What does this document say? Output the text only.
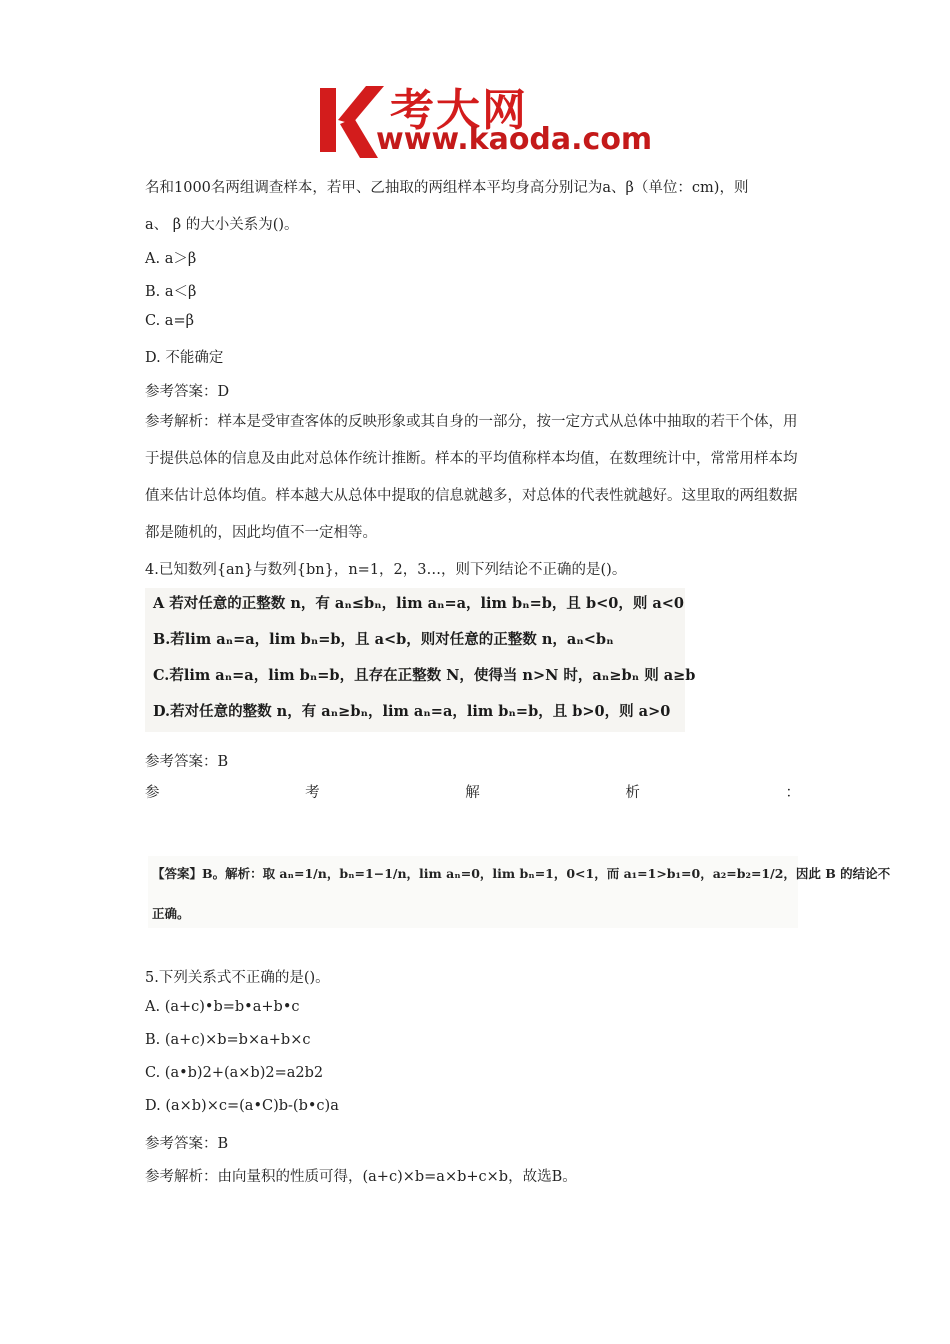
考大网
www.kaoda.com
名和1000名两组调查样本，若甲、乙抽取的两组样本平均身高分别记为a、β（单位：cm)，则
a、 β 的大小关系为()。
A. a＞β
B. a＜β
C. a=β
D. 不能确定
参考答案：D
参考解析：样本是受审查客体的反映形象或其自身的一部分，按一定方式从总体中抽取的若干个体，用于提供总体的信息及由此对总体作统计推断。样本的平均值称样本均值，在数理统计中，常常用样本均值来估计总体均值。样本越大从总体中提取的信息就越多，对总体的代表性就越好。这里取的两组数据都是随机的，因此均值不一定相等。
4.已知数列{an}与数列{bn}，n=1，2，3…，则下列结论不正确的是()。
A 若对任意的正整数 n，有 aₙ≤bₙ，lim aₙ=a，lim bₙ=b，且 b<0，则 a<0
B.若lim aₙ=a，lim bₙ=b，且 a<b，则对任意的正整数 n，aₙ<bₙ
C.若lim aₙ=a，lim bₙ=b，且存在正整数 N，使得当 n>N 时，aₙ≥bₙ 则 a≥b
D.若对任意的整数 n，有 aₙ≥bₙ，lim aₙ=a，lim bₙ=b，且 b>0，则 a>0
参考答案：B
参	考	解	析	：
【答案】B。解析：取 aₙ=1/n，bₙ=1−1/n，lim aₙ=0，lim bₙ=1，0<1，而 a₁=1>b₁=0，a₂=b₂=1/2，因此 B 的结论不
正确。
5.下列关系式不正确的是()。
A. (a+c)•b=b•a+b•c
B. (a+c)×b=b×a+b×c
C. (a•b)2+(a×b)2=a2b2
D. (a×b)×c=(a•C)b-(b•c)a
参考答案：B
参考解析：由向量积的性质可得，(a+c)×b=a×b+c×b，故选B。
